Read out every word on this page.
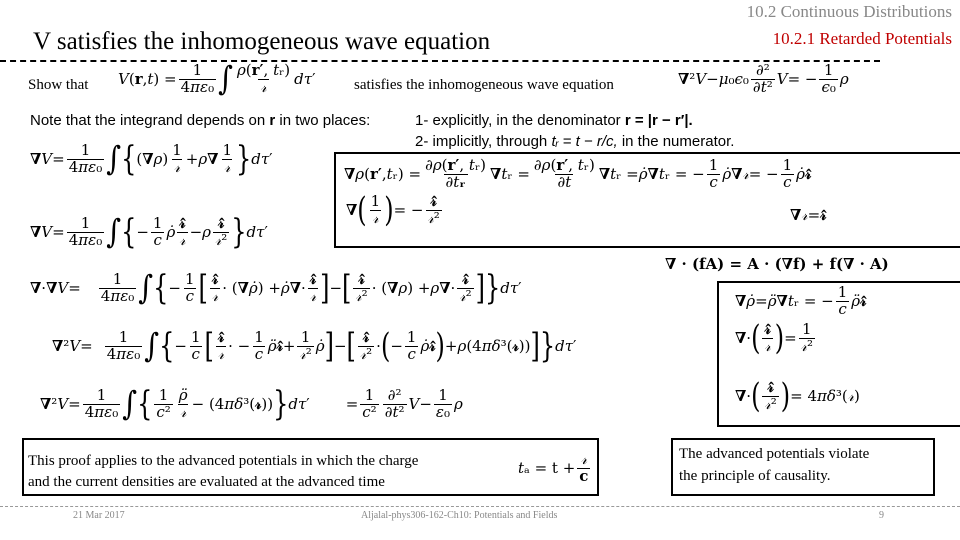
10.2 Continuous Distributions
10.2.1 Retarded Potentials
V satisfies the inhomogeneous wave equation
Show that V ( r , t ) =
1
4πε₀ ∫ ρ(r′, tᵣ)
𝓇 dτ ′	satisfies the inhomogeneous wave equation	∇ ² V − μ ₀ ϵ ₀
∂²
∂t² V = −
1
ϵ₀ ρ
Note that the integrand depends on r in two places:	1- explicitly, in the denominator r = |r − r′|.
2- implicitly, through tᵣ = t − r/c, in the numerator.
∇ V =
1
4πε₀ ∫ { ( ∇ ρ )
1
𝓇 + ρ ∇
1
𝓇 } dτ ′
∇ V =
1
4πε₀ ∫ { −
1
c ρ̇
𝓇̂
𝓇 − ρ
𝓇̂
𝓇² } dτ ′
∇ · ∇ V =
1
4πε₀ ∫ { −
1
c [ 𝓇̂
𝓇 · ( ∇ ρ̇ ) + ρ̇ ∇ ·
𝓇̂
𝓇 ] − [ 𝓇̂
𝓇² · ( ∇ ρ ) + ρ ∇ ·
𝓇̂
𝓇² ] } dτ ′
∇ ² V =
1
4πε₀ ∫ { −
1
c [ 𝓇̂
𝓇 · −
1
c ρ̈ 𝓇̂ +
1
𝓇² ρ̇ ] − [ 𝓇̂
𝓇² · ( −
1
c ρ̇ 𝓇̂ ) + ρ (4 πδ ³( 𝓇 )) ] } dτ ′
∇ ² V =
1
4πε₀ ∫ { 1
c²
ρ̈
𝓇 − (4 πδ ³( 𝓇 )) } dτ ′
=
1
c²
∂²
∂t² V −
1
ε₀ ρ
∇ ρ ( r′ , t ᵣ) =
∂ρ(r′, tᵣ)
∂tᵣ ∇ t ᵣ =
∂ρ(r′, tᵣ)
∂t ∇ t ᵣ = ρ̇ ∇ t ᵣ = −
1
c ρ̇ ∇ 𝓇 = −
1
c ρ̇ 𝓇̂
∇ 𝓇 = 𝓇̂
∇ ( 1
𝓇 ) = −
𝓇̂
𝓇²
∇ · (fA) = A · (∇f) + f(∇ · A)
∇ ρ̇ = ρ̈ ∇ t ᵣ = −
1
c ρ̈ 𝓇̂
∇ · ( 𝓇̂
𝓇 ) =
1
𝓇²
∇ · ( 𝓇̂
𝓇² ) = 4 πδ ³( 𝓇 )
This proof applies to the advanced potentials in which the charge
and the current densities are evaluated at the advanced time
t ₐ = t +
𝓇
c
The advanced potentials violate
the principle of causality.
21 Mar 2017	Aljalal-phys306-162-Ch10: Potentials and Fields	9
